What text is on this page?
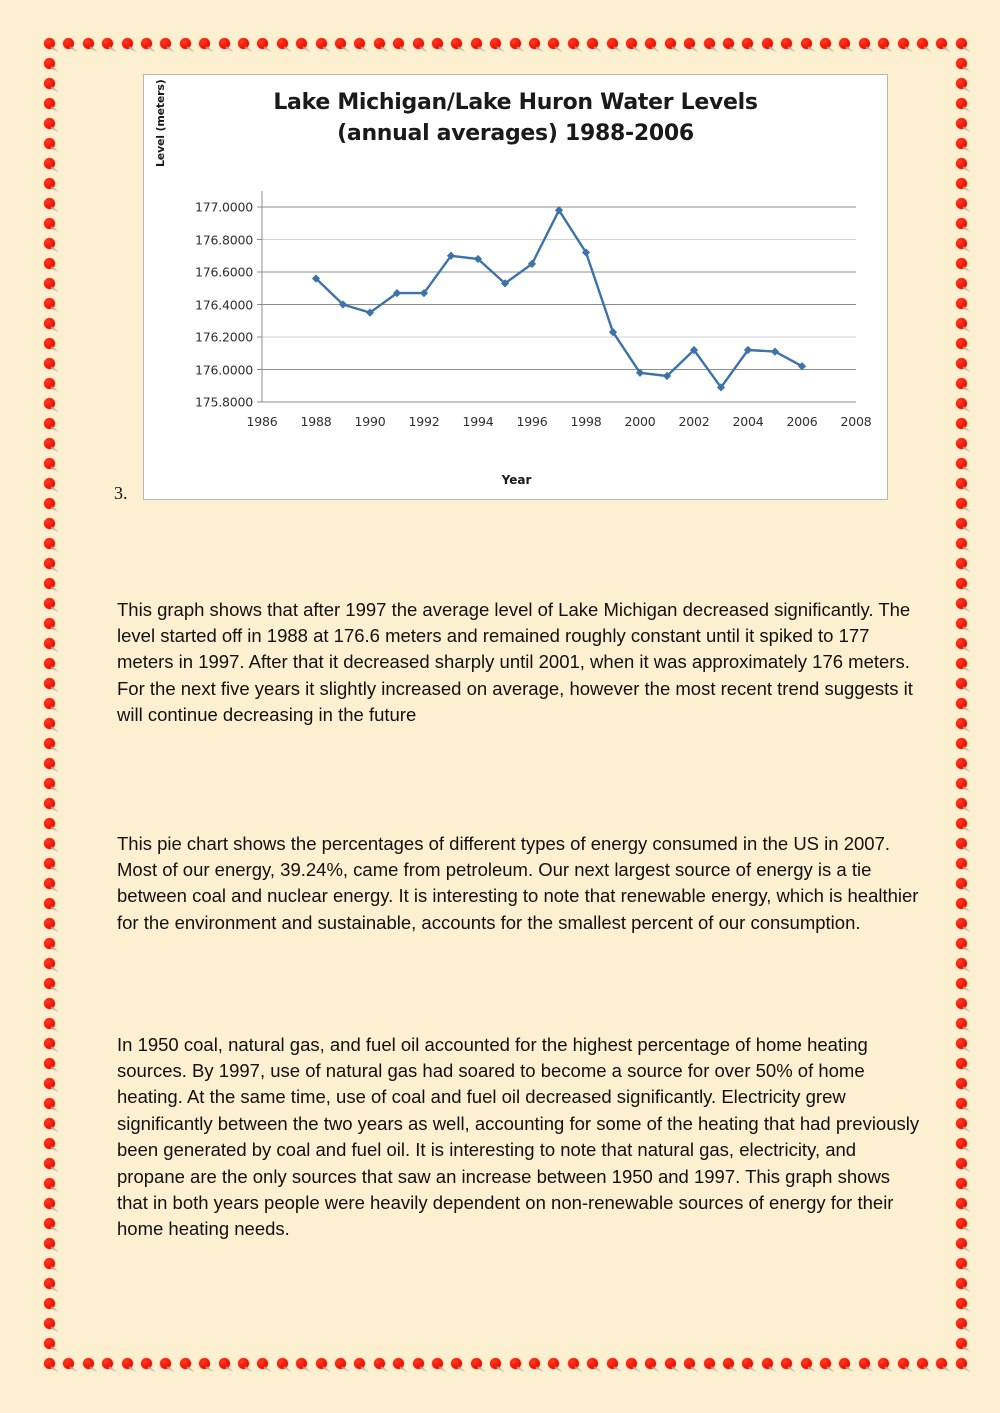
Lake Michigan/Lake Huron Water Levels
(annual averages) 1988-2006
Level (meters)
177.0000
176.8000
176.6000
176.4000
176.2000
176.0000
175.8000
1986	1988	1990	1992	1994	1996	1998	2000	2002	2004	2006	2008
Year
3.

This graph shows that after 1997 the average level of Lake Michigan decreased significantly. The level started off in 1988 at 176.6 meters and remained roughly constant until it spiked to 177 meters in 1997. After that it decreased sharply until 2001, when it was approximately 176 meters. For the next five years it slightly increased on average, however the most recent trend suggests it will continue decreasing in the future

This pie chart shows the percentages of different types of energy consumed in the US in 2007. Most of our energy, 39.24%, came from petroleum. Our next largest source of energy is a tie between coal and nuclear energy. It is interesting to note that renewable energy, which is healthier for the environment and sustainable, accounts for the smallest percent of our consumption.

In 1950 coal, natural gas, and fuel oil accounted for the highest percentage of home heating sources. By 1997, use of natural gas had soared to become a source for over 50% of home heating. At the same time, use of coal and fuel oil decreased significantly. Electricity grew significantly between the two years as well, accounting for some of the heating that had previously been generated by coal and fuel oil. It is interesting to note that natural gas, electricity, and propane are the only sources that saw an increase between 1950 and 1997. This graph shows that in both years people were heavily dependent on non-renewable sources of energy for their home heating needs.
